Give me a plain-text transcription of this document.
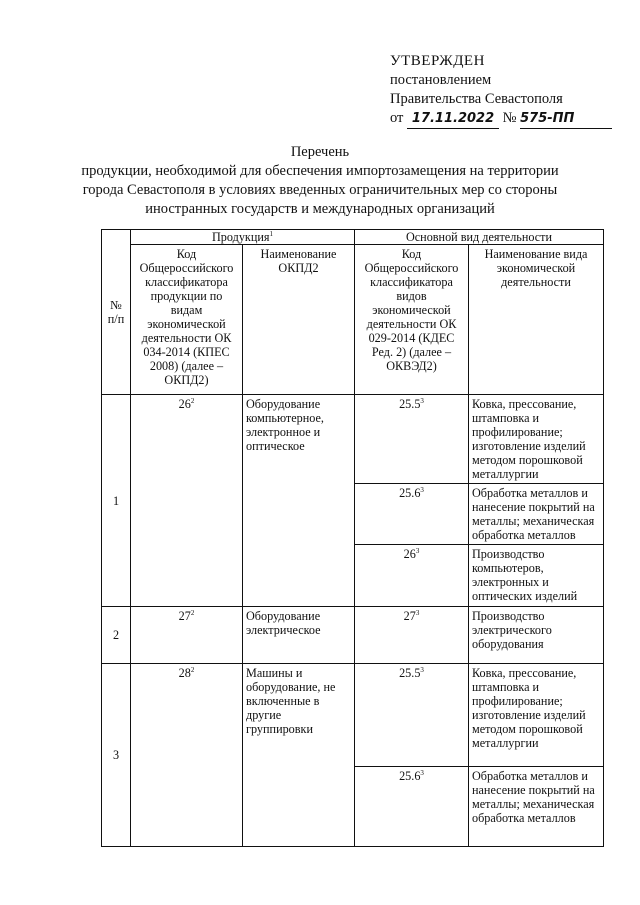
УТВЕРЖДЕН
постановлением
Правительства Севастополя
от 17.11.2022 № 575-ПП
Перечень
продукции, необходимой для обеспечения импортозамещения на территории
города Севастополя в условиях введенных ограничительных мер со стороны
иностранных государств и международных организаций
№ п/п	Продукция$^1$		Основной вид деятельности	
	Код Общероссийского классификатора продукции по видам экономической деятельности ОК 034-2014 (КПЕС 2008) (далее – ОКПД2)	Наименование ОКПД2	Код Общероссийского классификатора видов экономической деятельности ОК 029-2014 (КДЕС Ред. 2) (далее – ОКВЭД2)	Наименование вида экономической деятельности
1	$26^2$	Оборудование компьютерное, электронное и оптическое	25.5$^3$	Ковка, прессование, штамповка и профилирование; изготовление изделий методом порошковой металлургии
			25.6$^3$	Обработка металлов и нанесение покрытий на металлы; механическая обработка металлов
			$26^3$	Производство компьютеров, электронных и оптических изделий
2	$27^2$	Оборудование электрическое	$27^3$	Производство электрического оборудования
3	$28^2$	Машины и оборудование, не включенные в другие группировки	25.5$^3$	Ковка, прессование, штамповка и профилирование; изготовление изделий методом порошковой металлургии
			25.6$^3$	Обработка металлов и нанесение покрытий на металлы; механическая обработка металлов
